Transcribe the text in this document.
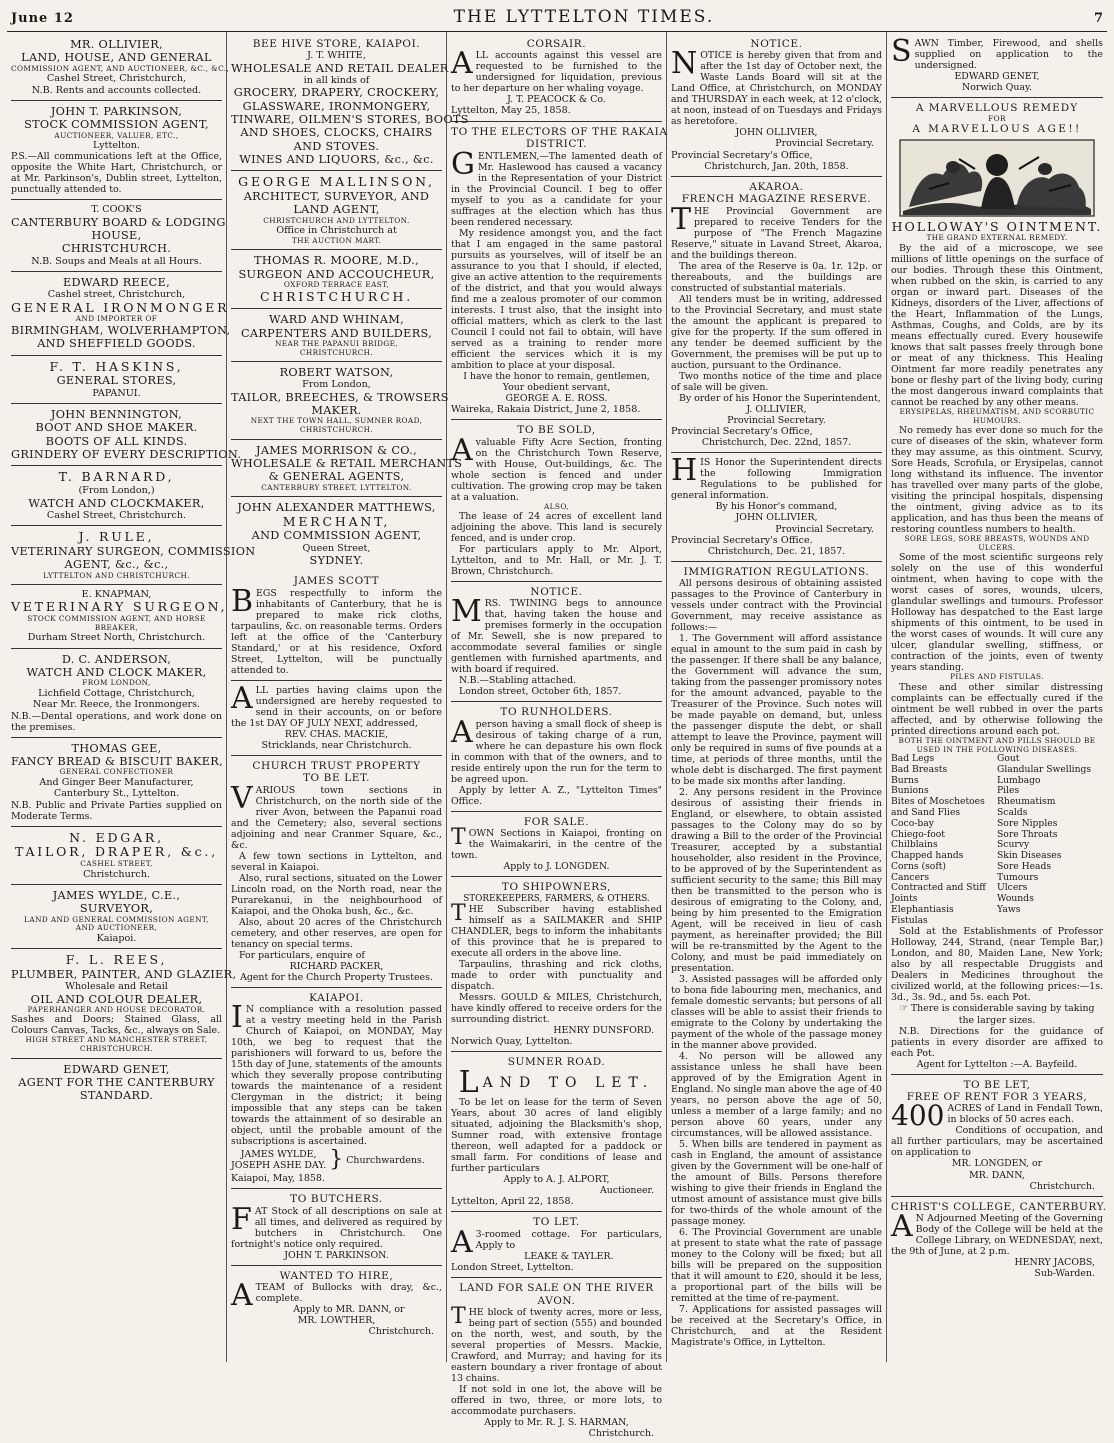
June 12	THE LYTTELTON TIMES.	7
MR. OLLIVIER,
LAND, HOUSE, AND GENERAL
COMMISSION AGENT, AND AUCTIONEER, &C., &C.,
Cashel Street, Christchurch,
N.B. Rents and accounts collected.
JOHN T. PARKINSON,
STOCK COMMISSION AGENT,
AUCTIONEER, VALUER, ETC.,
Lyttelton.
P.S.—All communications left at the Office, opposite the White Hart, Christchurch, or at Mr. Parkinson's, Dublin street, Lyttelton, punctually attended to.
T. COOK'S
CANTERBURY BOARD & LODGING
HOUSE,
CHRISTCHURCH.
N.B. Soups and Meals at all Hours.
EDWARD REECE,
Cashel street, Christchurch,
GENERAL IRONMONGER
AND IMPORTER OF
BIRMINGHAM, WOLVERHAMPTON,
AND SHEFFIELD GOODS.
F. T. HASKINS,
GENERAL STORES,
PAPANUI.
JOHN BENNINGTON,
BOOT AND SHOE MAKER.
BOOTS OF ALL KINDS.
GRINDERY OF EVERY DESCRIPTION.
T. BARNARD,
(From London,)
WATCH AND CLOCKMAKER,
Cashel Street, Christchurch.
J. RULE,
VETERINARY SURGEON, COMMISSION
AGENT, &c., &c.,
LYTTELTON AND CHRISTCHURCH.
E. KNAPMAN,
VETERINARY SURGEON,
STOCK COMMISSION AGENT, AND HORSE
BREAKER,
Durham Street North, Christchurch.
D. C. ANDERSON,
WATCH AND CLOCK MAKER,
FROM LONDON,
Lichfield Cottage, Christchurch,
Near Mr. Reece, the Ironmongers.
N.B.—Dental operations, and work done on the premises.
THOMAS GEE,
FANCY BREAD & BISCUIT BAKER,
GENERAL CONFECTIONER
And Ginger Beer Manufacturer,
Canterbury St., Lyttelton.
N.B. Public and Private Parties supplied on Moderate Terms.
N. EDGAR,
TAILOR, DRAPER, &c.,
CASHEL STREET,
Christchurch.
JAMES WYLDE, C.E.,
SURVEYOR,
LAND AND GENERAL COMMISSION AGENT,
AND AUCTIONEER,
Kaiapoi.
F. L. REES,
PLUMBER, PAINTER, AND GLAZIER,
Wholesale and Retail
OIL AND COLOUR DEALER,
PAPERHANGER AND HOUSE DECORATOR.
Sashes and Doors; Stained Glass, all Colours Canvas, Tacks, &c., always on Sale.
HIGH STREET AND MANCHESTER STREET,
CHRISTCHURCH.
EDWARD GENET,
AGENT FOR THE CANTERBURY
STANDARD.
BEE HIVE STORE, KAIAPOI.
J. T. WHITE,
WHOLESALE AND RETAIL DEALER
in all kinds of
GROCERY, DRAPERY, CROCKERY,
GLASSWARE, IRONMONGERY,
TINWARE, OILMEN'S STORES, BOOTS
AND SHOES, CLOCKS, CHAIRS
AND STOVES.
WINES AND LIQUORS, &c., &c.
GEORGE MALLINSON,
ARCHITECT, SURVEYOR, AND
LAND AGENT,
CHRISTCHURCH AND LYTTELTON.
Office in Christchurch at
THE AUCTION MART.
THOMAS R. MOORE, M.D.,
SURGEON AND ACCOUCHEUR,
OXFORD TERRACE EAST,
CHRISTCHURCH.
WARD AND WHINAM,
CARPENTERS AND BUILDERS,
NEAR THE PAPANUI BRIDGE,
CHRISTCHURCH.
ROBERT WATSON,
From London,
TAILOR, BREECHES, & TROWSERS
MAKER.
NEXT THE TOWN HALL, SUMNER ROAD,
CHRISTCHURCH.
JAMES MORRISON & CO.,
WHOLESALE & RETAIL MERCHANTS
& GENERAL AGENTS,
CANTERBURY STREET, LYTTELTON.
JOHN ALEXANDER MATTHEWS,
MERCHANT,
AND COMMISSION AGENT,
Queen Street,
SYDNEY.
JAMES SCOTT
BEGS respectfully to inform the inhabitants of Canterbury, that he is prepared to make rick cloths, tarpaulins, &c. on reasonable terms. Orders left at the office of the 'Canterbury Standard,' or at his residence, Oxford Street, Lyttelton, will be punctually attended to.
ALL parties having claims upon the undersigned are hereby requested to send in their accounts, on or before the 1st DAY OF JULY NEXT, addressed,
REV. CHAS. MACKIE,
Stricklands, near Christchurch.
CHURCH TRUST PROPERTY
TO BE LET.

VARIOUS town sections in Christchurch, on the north side of the river Avon, between the Papanui road and the Cemetery; also, several sections adjoining and near Cranmer Square, &c., &c.

A few town sections in Lyttelton, and several in Kaiapoi.

Also, rural sections, situated on the Lower Lincoln road, on the North road, near the Purarekanui, in the neighbourhood of Kaiapoi, and the Ohoka bush, &c., &c.

Also, about 20 acres of the Christchurch cemetery, and other reserves, are open for tenancy on special terms.

For particulars, enquire of

RICHARD PACKER,
Agent for the Church Property Trustees.
KAIAPOI.
I N compliance with a resolution passed at a vestry meeting held in the Parish Church of Kaiapoi, on MONDAY, May 10th, we beg to request that the parishioners will forward to us, before the 15th day of June, statements of the amounts which they severally propose contributing towards the maintenance of a resident Clergyman in the district; it being impossible that any steps can be taken towards the attainment of so desirable an object, until the probable amount of the subscriptions is ascertained.
JAMES WYLDE,
JOSEPH ASHE DAY. } Churchwardens.
Kaiapoi, May, 1858.
TO BUTCHERS.
FAT Stock of all descriptions on sale at all times, and delivered as required by butchers in Christchurch. One fortnight's notice only required.
JOHN T. PARKINSON.
WANTED TO HIRE,
ATEAM of Bullocks with dray, &c., complete.
Apply to MR. DANN, or
MR. LOWTHER,
Christchurch.
CORSAIR.
ALL accounts against this vessel are requested to be furnished to the undersigned for liquidation, previous to her departure on her whaling voyage.
J. T. PEACOCK & Co.
Lyttelton, May 25, 1858.
TO THE ELECTORS OF THE RAKAIA
DISTRICT.

GENTLEMEN,—The lamented death of Mr. Haslewood has caused a vacancy in the Representation of your District in the Provincial Council. I beg to offer myself to you as a candidate for your suffrages at the election which has thus been rendered necessary.

My residence amongst you, and the fact that I am engaged in the same pastoral pursuits as yourselves, will of itself be an assurance to you that I should, if elected, give an active attention to the requirements of the district, and that you would always find me a zealous promoter of our common interests. I trust also, that the insight into official matters, which as clerk to the last Council I could not fail to obtain, will have served as a training to render more efficient the services which it is my ambition to place at your disposal.

I have the honor to remain, gentlemen,
Your obedient servant,
GEORGE A. E. ROSS.
Waireka, Rakaia District, June 2, 1858.
TO BE SOLD,

A valuable Fifty Acre Section, fronting on the Christchurch Town Reserve, with House, Out-buildings, &c. The whole section is fenced and under cultivation. The growing crop may be taken at a valuation.

ALSO,

The lease of 24 acres of excellent land adjoining the above. This land is securely fenced, and is under crop.

For particulars apply to Mr. Alport, Lyttelton, and to Mr. Hall, or Mr. J. T. Brown, Christchurch.

NOTICE.

MRS. TWINING begs to announce that, having taken the house and premises formerly in the occupation of Mr. Sewell, she is now prepared to accommodate several families or single gentlemen with furnished apartments, and with board if required.

N.B.—Stabling attached.

London street, October 6th, 1857.

TO RUNHOLDERS.

A person having a small flock of sheep is desirous of taking charge of a run, where he can depasture his own flock in common with that of the owners, and to reside entirely upon the run for the term to be agreed upon.

Apply by letter A. Z., "Lyttelton Times" Office.

FOR SALE.
TOWN Sections in Kaiapoi, fronting on the Waimakariri, in the centre of the town.
Apply to J. LONGDEN.
TO SHIPOWNERS,
STOREKEEPERS, FARMERS, & OTHERS.

THE Subscriber having established himself as a SAILMAKER and SHIP CHANDLER, begs to inform the inhabitants of this province that he is prepared to execute all orders in the above line.

Tarpaulins, thrashing and rick cloths, made to order with punctuality and dispatch.

Messrs. GOULD & MILES, Christchurch, have kindly offered to receive orders for the surrounding district.

HENRY DUNSFORD.
Norwich Quay, Lyttelton.
SUMNER ROAD.
L AND TO LET.

To be let on lease for the term of Seven Years, about 30 acres of land eligibly situated, adjoining the Blacksmith's shop, Sumner road, with extensive frontage thereon, well adapted for a paddock or small farm. For conditions of lease and further particulars

Apply to A. J. ALPORT,
Auctioneer.
Lyttelton, April 22, 1858.
TO LET.
A 3-roomed cottage. For particulars, Apply to
LEAKE & TAYLER.
London Street, Lyttelton.
LAND FOR SALE ON THE RIVER
AVON.

THE block of twenty acres, more or less, being part of section (555) and bounded on the north, west, and south, by the several properties of Messrs. Mackie, Crawford, and Murray; and having for its eastern boundary a river frontage of about 13 chains.

If not sold in one lot, the above will be offered in two, three, or more lots, to accommodate purchasers.

Apply to Mr. R. J. S. HARMAN,
Christchurch.
NOTICE.
NOTICE is hereby given that from and after the 1st day of October next, the Waste Lands Board will sit at the Land Office, at Christchurch, on MONDAY and THURSDAY in each week, at 12 o'clock, at noon, instead of on Tuesdays and Fridays as heretofore.
JOHN OLLIVIER,
Provincial Secretary.
Provincial Secretary's Office,
Christchurch, Jan. 20th, 1858.
AKAROA.
FRENCH MAGAZINE RESERVE.

THE Provincial Government are prepared to receive Tenders for the purpose of "The French Magazine Reserve," situate in Lavand Street, Akaroa, and the buildings thereon.

The area of the Reserve is 0a. 1r. 12p. or thereabouts, and the buildings are constructed of substantial materials.

All tenders must be in writing, addressed to the Provincial Secretary, and must state the amount the applicant is prepared to give for the property. If the sum offered in any tender be deemed sufficient by the Government, the premises will be put up to auction, pursuant to the Ordinance.

Two months notice of the time and place of sale will be given.

By order of his Honor the Superintendent,

J. OLLIVIER,
Provincial Secretary.
Provincial Secretary's Office,
Christchurch, Dec. 22nd, 1857.
HIS Honor the Superintendent directs the following Immigration Regulations to be published for general information.
By his Honor's command,
JOHN OLLIVIER,
Provincial Secretary.
Provincial Secretary's Office.
Christchurch, Dec. 21, 1857.
IMMIGRATION REGULATIONS.

All persons desirous of obtaining assisted passages to the Province of Canterbury in vessels under contract with the Provincial Government, may receive assistance as follows:—

1. The Government will afford assistance equal in amount to the sum paid in cash by the passenger. If there shall be any balance, the Government will advance the sum, taking from the passenger promissory notes for the amount advanced, payable to the Treasurer of the Province. Such notes will be made payable on demand, but, unless the passenger dispute the debt, or shall attempt to leave the Province, payment will only be required in sums of five pounds at a time, at periods of three months, until the whole debt is discharged. The first payment to be made six months after landing.

2. Any persons resident in the Province desirous of assisting their friends in England, or elsewhere, to obtain assisted passages to the Colony may do so by drawing a Bill to the order of the Provincial Treasurer, accepted by a substantial householder, also resident in the Province, to be approved of by the Superintendent as sufficient security to the same; this Bill may then be transmitted to the person who is desirous of emigrating to the Colony, and, being by him presented to the Emigration Agent, will be received in lieu of cash payment, as hereinafter provided; the Bill will be re-transmitted by the Agent to the Colony, and must be paid immediately on presentation.

3. Assisted passages will be afforded only to bona fide labouring men, mechanics, and female domestic servants; but persons of all classes will be able to assist their friends to emigrate to the Colony by undertaking the payment of the whole of the passage money in the manner above provided.

4. No person will be allowed any assistance unless he shall have been approved of by the Emigration Agent in England. No single man above the age of 40 years, no person above the age of 50, unless a member of a large family; and no person above 60 years, under any circumstances, will be allowed assistance.

5. When bills are tendered in payment as cash in England, the amount of assistance given by the Government will be one-half of the amount of Bills. Persons therefore wishing to give their friends in England the utmost amount of assistance must give bills for two-thirds of the whole amount of the passage money.

6. The Provincial Government are unable at present to state what the rate of passage money to the Colony will be fixed; but all bills will be prepared on the supposition that it will amount to £20, should it be less, a proportional part of the bills will be remitted at the time of re-payment.

7. Applications for assisted passages will be received at the Secretary's Office, in Christchurch, and at the Resident Magistrate's Office, in Lyttelton.

SAWN Timber, Firewood, and shells supplied on application to the undersigned.
EDWARD GENET,
Norwich Quay.
A MARVELLOUS REMEDY
FOR
A MARVELLOUS AGE!!
HOLLOWAY'S OINTMENT.
THE GRAND EXTERNAL REMEDY.

By the aid of a microscope, we see millions of little openings on the surface of our bodies. Through these this Ointment, when rubbed on the skin, is carried to any organ or inward part. Diseases of the Kidneys, disorders of the Liver, affections of the Heart, Inflammation of the Lungs, Asthmas, Coughs, and Colds, are by its means effectually cured. Every housewife knows that salt passes freely through bone or meat of any thickness. This Healing Ointment far more readily penetrates any bone or fleshy part of the living body, curing the most dangerous inward complaints that cannot be reached by any other means.

ERYSIPELAS, RHEUMATISM, AND SCORBUTIC HUMOURS.

No remedy has ever done so much for the cure of diseases of the skin, whatever form they may assume, as this ointment. Scurvy, Sore Heads, Scrofula, or Erysipelas, cannot long withstand its influence. The inventor has travelled over many parts of the globe, visiting the principal hospitals, dispensing the ointment, giving advice as to its application, and has thus been the means of restoring countless numbers to health.

SORE LEGS, SORE BREASTS, WOUNDS AND ULCERS.

Some of the most scientific surgeons rely solely on the use of this wonderful ointment, when having to cope with the worst cases of sores, wounds, ulcers, glandular swellings and tumours. Professor Holloway has despatched to the East large shipments of this ointment, to be used in the worst cases of wounds. It will cure any ulcer, glandular swelling, stiffness, or contraction of the joints, even of twenty years standing.

PILES AND FISTULAS.

These and other similar distressing complaints can be effectually cured if the ointment be well rubbed in over the parts affected, and by otherwise following the printed directions around each pot.

BOTH THE OINTMENT AND PILLS SHOULD BE USED IN THE FOLLOWING DISEASES.
Bad Legs
Bad Breasts
Burns
Bunions
Bites of Moschetoes
and Sand Flies
Coco-bay
Chiego-foot
Chilblains
Chapped hands
Corns (soft)
Cancers
Contracted and Stiff
Joints
Elephantiasis
Fistulas
Gout
Glandular Swellings
Lumbago
Piles
Rheumatism
Scalds
Sore Nipples
Sore Throats
Scurvy
Skin Diseases
Sore Heads
Tumours
Ulcers
Wounds
Yaws

Sold at the Establishments of Professor Holloway, 244, Strand, (near Temple Bar,) London, and 80, Maiden Lane, New York; also by all respectable Druggists and Dealers in Medicines throughout the civilized world, at the following prices:—1s. 3d., 3s. 9d., and 5s. each Pot.

☞ There is considerable saving by taking the larger sizes.

N.B. Directions for the guidance of patients in every disorder are affixed to each Pot.

Agent for Lyttelton :—A. Bayfeild.
TO BE LET,
FREE OF RENT FOR 3 YEARS,
400 ACRES of Land in Fendall Town, in blocks of 50 acres each.

Conditions of occupation, and all further particulars, may be ascertained on application to

MR. LONGDEN, or
MR. DANN,
Christchurch.
CHRIST'S COLLEGE, CANTERBURY.
A N Adjourned Meeting of the Governing Body of the College will be held at the College Library, on WEDNESDAY, next, the 9th of June, at 2 p.m.
HENRY JACOBS,
Sub-Warden.
